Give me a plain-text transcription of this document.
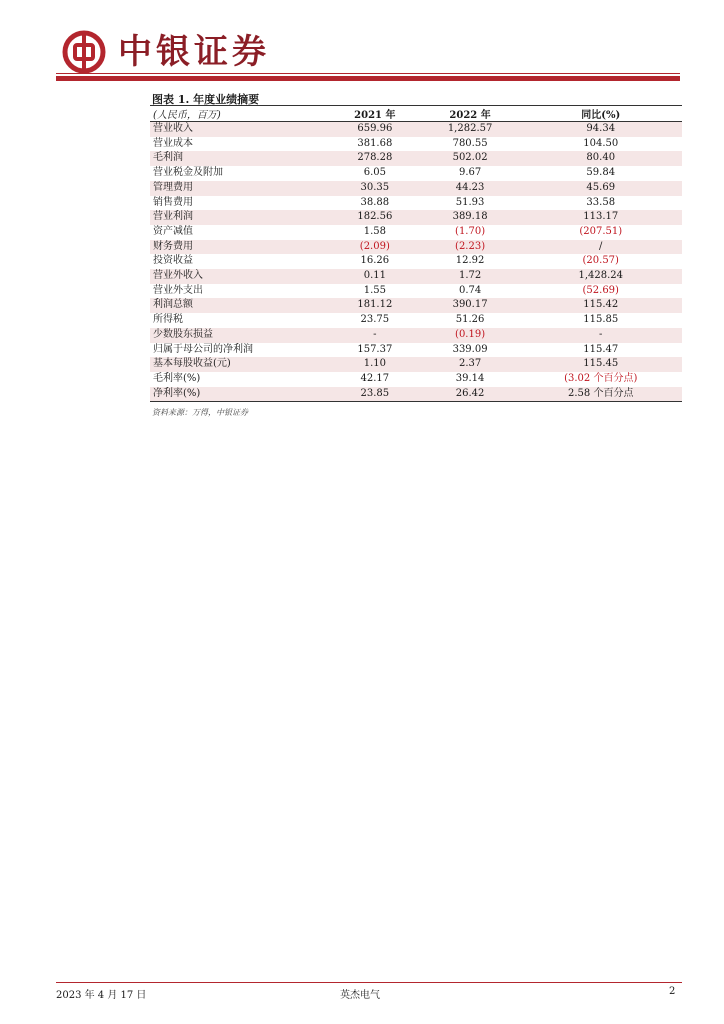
中银证券
图表 1. 年度业绩摘要
(人民币，百万)	2021 年	2022 年	同比(%)
营业收入	659.96	1,282.57	94.34
营业成本	381.68	780.55	104.50
毛利润	278.28	502.02	80.40
营业税金及附加	6.05	9.67	59.84
管理费用	30.35	44.23	45.69
销售费用	38.88	51.93	33.58
营业利润	182.56	389.18	113.17
资产减值	1.58	(1.70)	(207.51)
财务费用	(2.09)	(2.23)	/
投资收益	16.26	12.92	(20.57)
营业外收入	0.11	1.72	1,428.24
营业外支出	1.55	0.74	(52.69)
利润总额	181.12	390.17	115.42
所得税	23.75	51.26	115.85
少数股东损益	-	(0.19)	-
归属于母公司的净利润	157.37	339.09	115.47
基本每股收益(元)	1.10	2.37	115.45
毛利率(%)	42.17	39.14	(3.02 个百分点)
净利率(%)	23.85	26.42	2.58 个百分点
资料来源：万得，中银证券
2023 年 4 月 17 日	英杰电气	2
